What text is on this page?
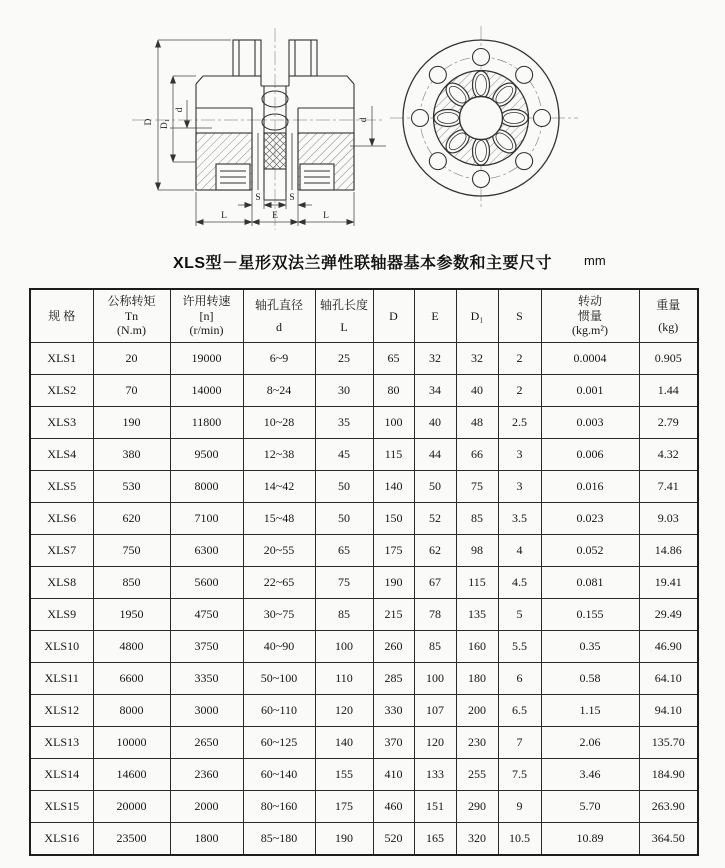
D D₁
d
d
S	S
L	E	L
XLS型－星形双法兰弹性联轴器基本参数和主要尺寸	mm
规 格	公称转矩
Tn
(N.m)	许用转速
[n]
(r/min)	轴孔直径
d	轴孔长度
L	D	E	D₁	S	转动
惯量
(kg.m²)	重量
(kg)

XLS1	20	19000	6~9	25	65	32	32	2	0.0004	0.905
XLS2	70	14000	8~24	30	80	34	40	2	0.001	1.44
XLS3	190	11800	10~28	35	100	40	48	2.5	0.003	2.79
XLS4	380	9500	12~38	45	115	44	66	3	0.006	4.32
XLS5	530	8000	14~42	50	140	50	75	3	0.016	7.41
XLS6	620	7100	15~48	50	150	52	85	3.5	0.023	9.03
XLS7	750	6300	20~55	65	175	62	98	4	0.052	14.86
XLS8	850	5600	22~65	75	190	67	115	4.5	0.081	19.41
XLS9	1950	4750	30~75	85	215	78	135	5	0.155	29.49
XLS10	4800	3750	40~90	100	260	85	160	5.5	0.35	46.90
XLS11	6600	3350	50~100	110	285	100	180	6	0.58	64.10
XLS12	8000	3000	60~110	120	330	107	200	6.5	1.15	94.10
XLS13	10000	2650	60~125	140	370	120	230	7	2.06	135.70
XLS14	14600	2360	60~140	155	410	133	255	7.5	3.46	184.90
XLS15	20000	2000	80~160	175	460	151	290	9	5.70	263.90
XLS16	23500	1800	85~180	190	520	165	320	10.5	10.89	364.50
